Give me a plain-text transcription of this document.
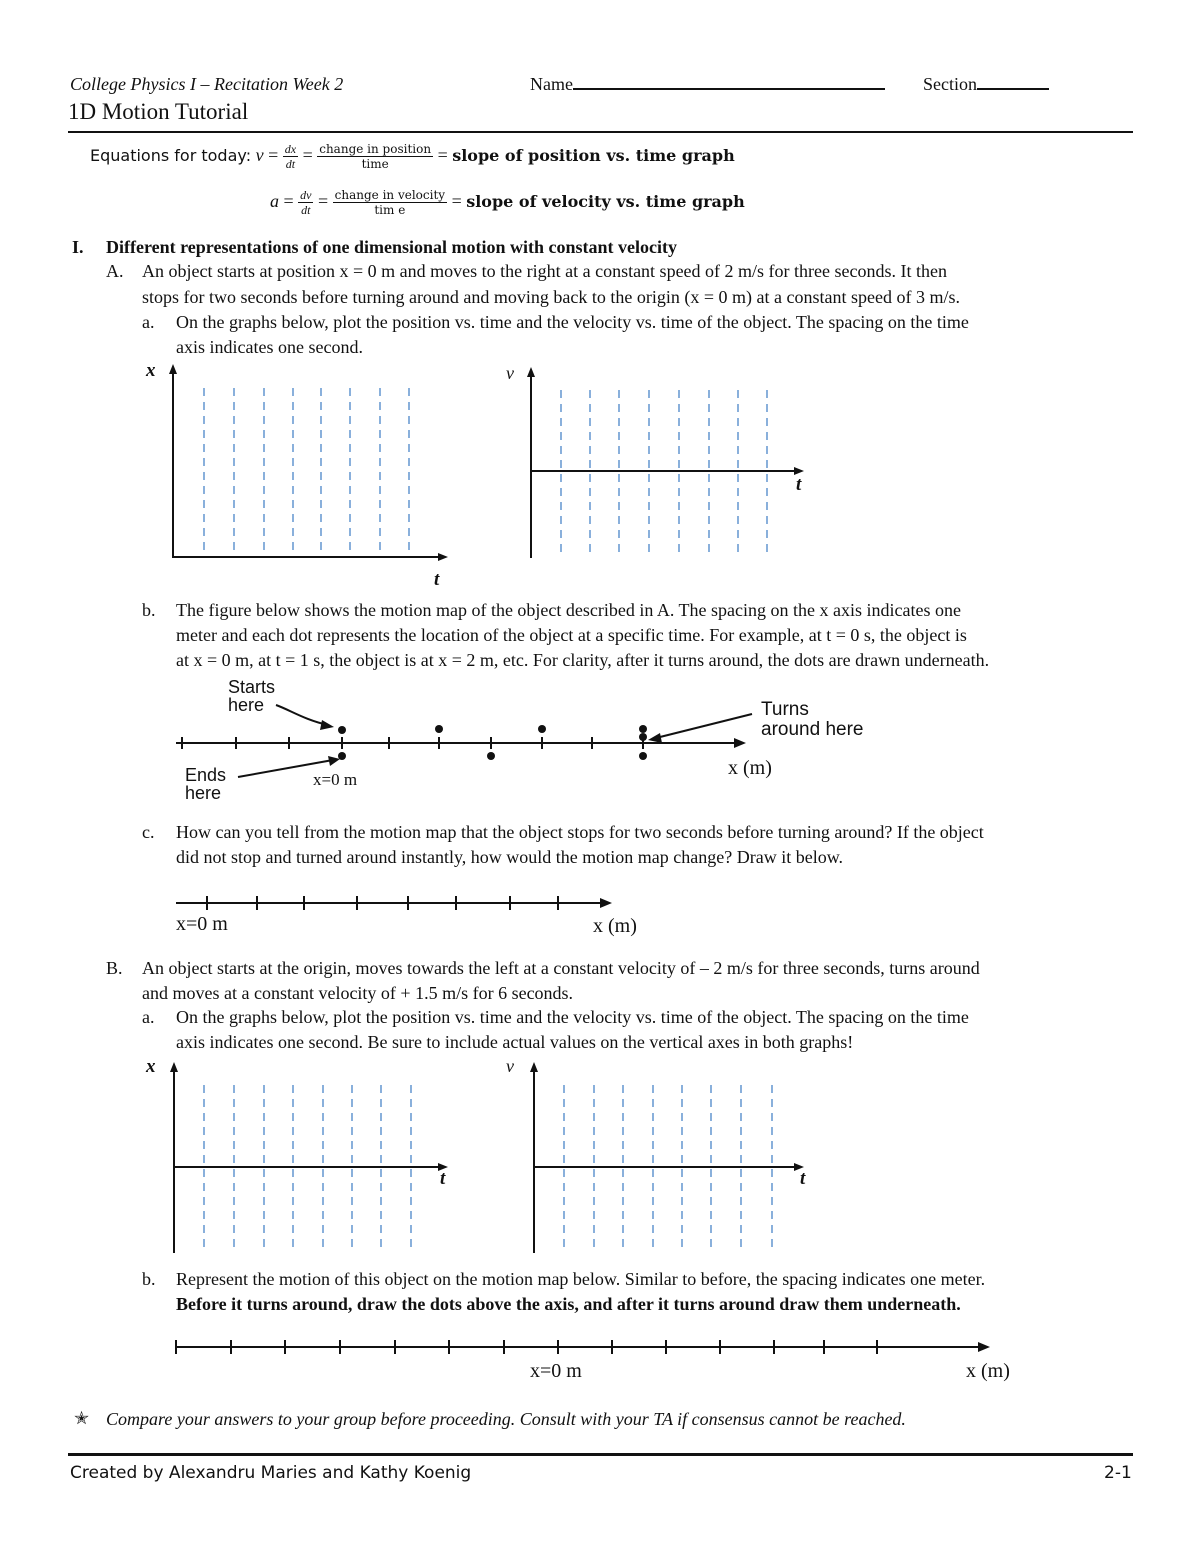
College Physics I – Recitation Week 2	Name	Section
1D Motion Tutorial
Equations for today: $v = \frac{dx}{dt} = \frac{\text{change in position}}{\text{time}}$ = slope of position vs. time graph
$a = \frac{dv}{dt} = \frac{\text{change in velocity}}{\text{tim e}}$ = slope of velocity vs. time graph
I. Different representations of one dimensional motion with constant velocity
A. An object starts at position x = 0 m and moves to the right at a constant speed of 2 m/s for three seconds. It then
stops for two seconds before turning around and moving back to the origin (x = 0 m) at a constant speed of 3 m/s.
a. On the graphs below, plot the position vs. time and the velocity vs. time of the object. The spacing on the time
axis indicates one second.
x
t
v
t
b. The figure below shows the motion map of the object described in A. The spacing on the x axis indicates one
meter and each dot represents the location of the object at a specific time. For example, at t = 0 s, the object is
at x = 0 m, at t = 1 s, the object is at x = 2 m, etc. For clarity, after it turns around, the dots are drawn underneath.
Starts
here	Turns
around here
Ends
here
x=0 m
x (m)
c. How can you tell from the motion map that the object stops for two seconds before turning around? If the object
did not stop and turned around instantly, how would the motion map change? Draw it below.
x=0 m	x (m)
B. An object starts at the origin, moves towards the left at a constant velocity of – 2 m/s for three seconds, turns around
and moves at a constant velocity of + 1.5 m/s for 6 seconds.
a. On the graphs below, plot the position vs. time and the velocity vs. time of the object. The spacing on the time
axis indicates one second. Be sure to include actual values on the vertical axes in both graphs!
x
t
v
t
b. Represent the motion of this object on the motion map below. Similar to before, the spacing indicates one meter.
Before it turns around, draw the dots above the axis, and after it turns around draw them underneath.
x=0 m	x (m)
✭ Compare your answers to your group before proceeding. Consult with your TA if consensus cannot be reached.
Created by Alexandru Maries and Kathy Koenig	2-1
